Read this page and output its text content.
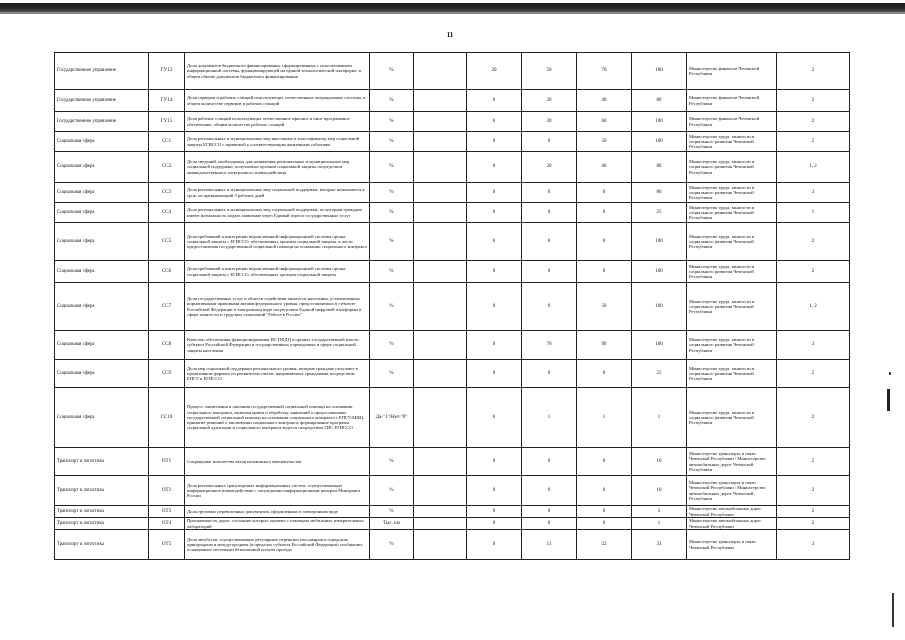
11
Государственное управление	ГУ13	Доля документов бюджетного финансирования, сформированных с использованием информационной системы, функционирующей на единой технологической платформе, в общем объеме документов бюджетного финансирования	%		20	50	70	100	Министерство финансов Чеченской Республики	2
Государственное управление	ГУ14	Доля серверов и рабочих станций использующих отечественные операционные системы, в общем количестве серверов и рабочих станций	%		0	20	40	80	Министерство финансов Чеченской Республики	2
Государственное управление	ГУ15	Доля рабочих станций использующих отечественное офисное и иное программное обеспечение, общим количестве рабочих станций	%		0	20	60	100	Министерство финансов Чеченской Республики	2
Социальная сфера	СС1	Доля региональных и муниципальных мер внесенных в классификатор мер социальной защиты ЕГИССО с привязкой к соответствующим жизненным событиям	%		0	0	50	100	Министерство труда, занятости и социального развития Чеченской Республики	2
Социальная сфера	СС2	Доля сведений, необходимых для назначения региональных и муниципальных мер социальной поддержки, получаемых органом социальной защиты посредством межведомственного электронного взаимодействия	%		0	20	40	80	Министерство труда, занятости и социального развития Чеченской Республики	1, 2
Социальная сфера	СС3	Доля региональных и муниципальных мер социальной поддержки, которые назначаются в срок, не превышающий 5 рабочих дней	%		0	0	0	80	Министерство труда, занятости и социального развития Чеченской Республики	2
Социальная сфера	СС4	Доля региональных и муниципальных мер социальной поддержки, по которым граждане имеют возможность подать заявление через Единый портал государственных услуг	%		0	0	0	25	Министерство труда, занятости и социального развития Чеченской Республики	1
Социальная сфера	СС5	Доля требований к интеграции ведомственной информационной системы органа социальной защиты с ЕГИССО, обеспеченных органом социальной защиты, в части предоставления государственной социальной помощи на основании социального контракта	%		0	0	0	100	Министерство труда, занятости и социального развития Чеченской Республики	2
Социальная сфера	СС6	Доля требований к интеграции ведомственной информационной системы органа социальной защиты с ЕГИССО, обеспеченных органом социальной защиты	%		0	0	0	100	Министерство труда, занятости и социального развития Чеченской Республики	2
Социальная сфера	СС7	Доля государственных услуг в области содействия занятости населения, установленных нормативными правовыми актами федерального уровня, предоставляемых в субъекте Российской Федерации в электронном виде посредством Единой цифровой платформы в сфере занятости и трудовых отношений "Работа в России"	%		0	0	50	100	Министерство труда, занятости и социального развития Чеченской Республики	1, 2
Социальная сфера	СС8	Качество обеспечения функционирования ИС ПКДЦ в органах государственной власти субъекта Российской Федерации и государственных учреждениях в сфере социальной защиты населения	%		0	70	90	100	Министерство труда, занятости и социального развития Чеченской Республики	2
Социальная сфера	СС9	Доля мер социальной поддержки регионального уровня, которые граждане получают в проактивном формате по реквизитам счетов, направляемых гражданами посредством ЕПГУ в ЕГИССО	%		0	0	0	25	Министерство труда, занятости и социального развития Чеченской Республики	2
Социальная сфера	СС10	Процесс заключения и оказания государственной социальной помощи на основании социального контракта, включая прием и обработку заявлений о предоставлении государственной социальной помощи на основании социального контракта с ЕПГУ/МФЦ, принятие решений о заключении социального контракта, формирование программ социальной адаптации и социального контракта ведется посредством ГИС ЕГИССО	Да-"1"/Нет-"0"		0	1	1	1	Министерство труда, занятости и социального развития Чеченской Республики	2
Транспорт и логистика	ОТ1	Сокращение количества актов незаконного вмешательства	%		0	0	0	10	Министерство транспорта и связи Чеченской Республики / Министерство автомобильных дорог Чеченской Республики	2
Транспорт и логистика	ОТ2	Доля региональных транспортных информационных систем, осуществляющих информационное взаимодействие с ситуационно-информационным центром Минтранса России	%		0	0	0	10	Министерство транспорта и связи Чеченской Республики / Министерство автомобильных дорог Чеченской Республики	2
Транспорт и логистика	ОТ3	Доля грузовых перевозочных документов, оформленных в электронном виде	%		0	0	0	5	Министерство автомобильных дорог Чеченской Республики	2
Транспорт и логистика	ОТ4	Протяженность дорог, состояние которых оценено с помощью мобильных измерительных лабораторий	Тыс. км		0	0	0	1	Министерство автомобильных дорог Чеченской Республики	2
Транспорт и логистика	ОТ5	Доля автобусов, осуществляющих регулярные перевозки пассажиров в городском, пригородном и междугороднем (в пределах субъекта Российской Федерации) сообщении, оснащенных системами безналичной оплаты проезда	%		0	11	22	33	Министерство транспорта и связи Чеченской Республики	2
